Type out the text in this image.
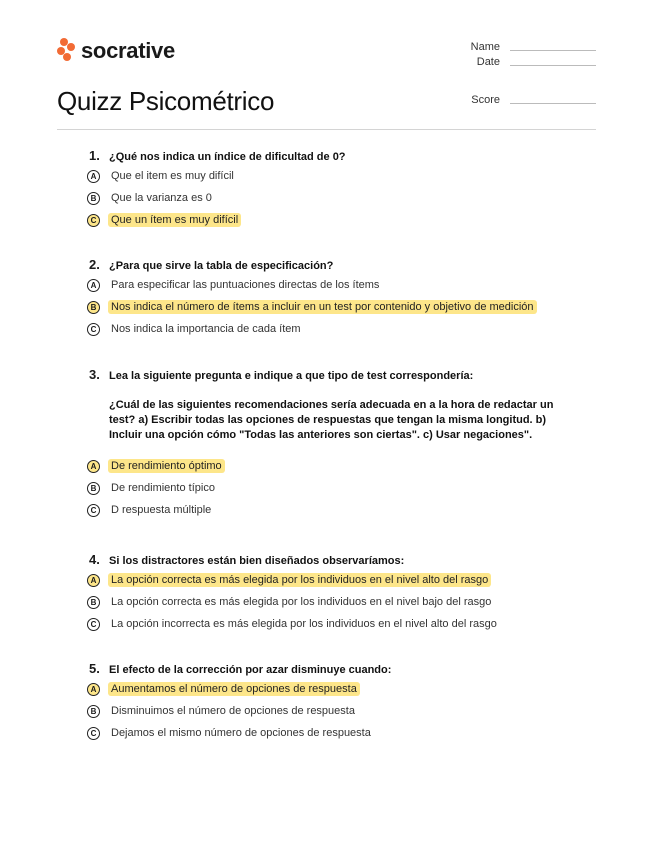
socrative	Name
Date
Score
Quizz Psicométrico
1. ¿Qué nos indica un índice de dificultad de 0?
A	Que el item es muy difícil
B	Que la varianza es 0
C	Que un ítem es muy difícil
2. ¿Para que sirve la tabla de especificación?
A	Para especificar las puntuaciones directas de los ítems
B	Nos indica el número de ítems a incluir en un test por contenido y objetivo de medición
C	Nos indica la importancia de cada ítem
3. Lea la siguiente pregunta e indique a que tipo de test correspondería:
¿Cuál de las siguientes recomendaciones sería adecuada en a la hora de redactar un test? a) Escribir todas las opciones de respuestas que tengan la misma longitud. b) Incluir una opción cómo "Todas las anteriores son ciertas". c) Usar negaciones".
A	De rendimiento óptimo
B	De rendimiento típico
C	D respuesta múltiple
4. Si los distractores están bien diseñados observaríamos:
A	La opción correcta es más elegida por los individuos en el nivel alto del rasgo
B	La opción correcta es más elegida por los individuos en el nivel bajo del rasgo
C	La opción incorrecta es más elegida por los individuos en el nivel alto del rasgo
5. El efecto de la corrección por azar disminuye cuando:
A	Aumentamos el número de opciones de respuesta
B	Disminuimos el número de opciones de respuesta
C	Dejamos el mismo número de opciones de respuesta
